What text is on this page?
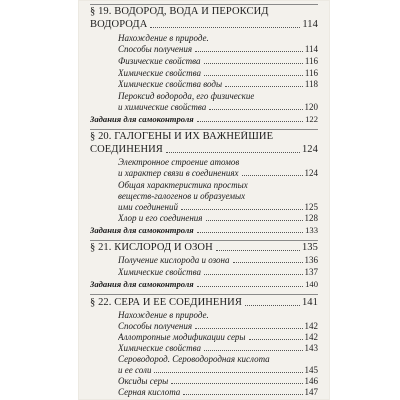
§ 19. ВОДОРОД, ВОДА И ПЕРОКСИД
ВОДОРОДА	114
Нахождение в природе.
Способы получения	114
Физические свойства	116
Химические свойства	116
Химические свойства воды	118
Пероксид водорода, его физические
и химические свойства	120
Задания для самоконтроля	122
§ 20. ГАЛОГЕНЫ И ИХ ВАЖНЕЙШИЕ
СОЕДИНЕНИЯ	124
Электронное строение атомов
и характер связи в соединениях	124
Общая характеристика простых
веществ-галогенов и образуемых
ими соединений	125
Хлор и его соединения	128
Задания для самоконтроля	133
§ 21. КИСЛОРОД И ОЗОН	135
Получение кислорода и озона	136
Химические свойства	137
Задания для самоконтроля	140
§ 22. СЕРА И ЕЕ СОЕДИНЕНИЯ	141
Нахождение в природе.
Способы получения	142
Аллотропные модификации серы	142
Химические свойства	143
Сероводород. Сероводородная кислота
и ее соли	145
Оксиды серы	146
Серная кислота	147
